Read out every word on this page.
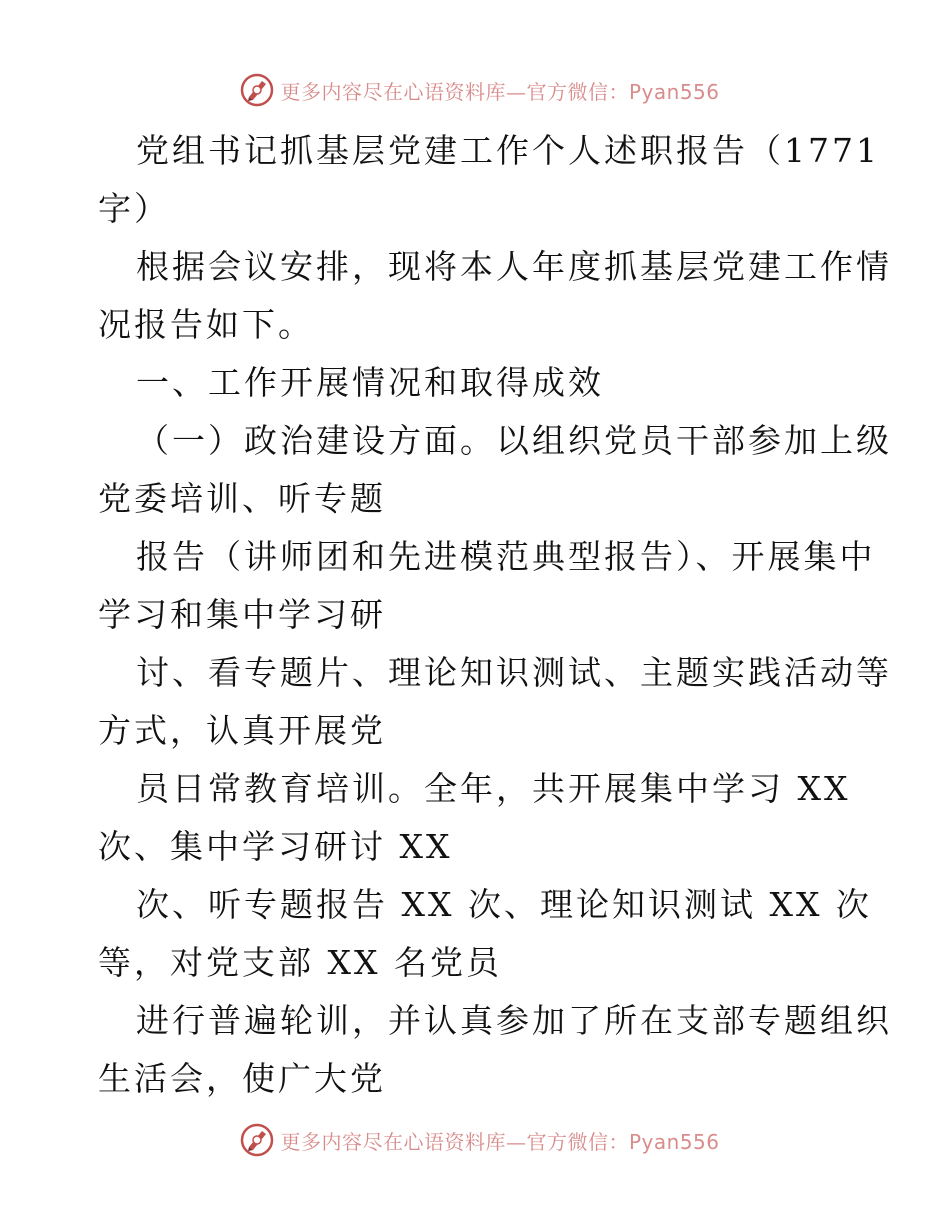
更多内容尽在心语资料库—官方微信：Pyan556
党组书记抓基层党建工作个人述职报告（1771
字）
根据会议安排，现将本人年度抓基层党建工作情
况报告如下。
一、工作开展情况和取得成效
（一）政治建设方面。以组织党员干部参加上级
党委培训、听专题
报告（讲师团和先进模范典型报告）、开展集中
学习和集中学习研
讨、看专题片、理论知识测试、主题实践活动等
方式，认真开展党
员日常教育培训。全年，共开展集中学习 XX
次、集中学习研讨 XX
次、听专题报告 XX 次、理论知识测试 XX 次
等，对党支部 XX 名党员
进行普遍轮训，并认真参加了所在支部专题组织
生活会，使广大党
更多内容尽在心语资料库—官方微信：Pyan556
